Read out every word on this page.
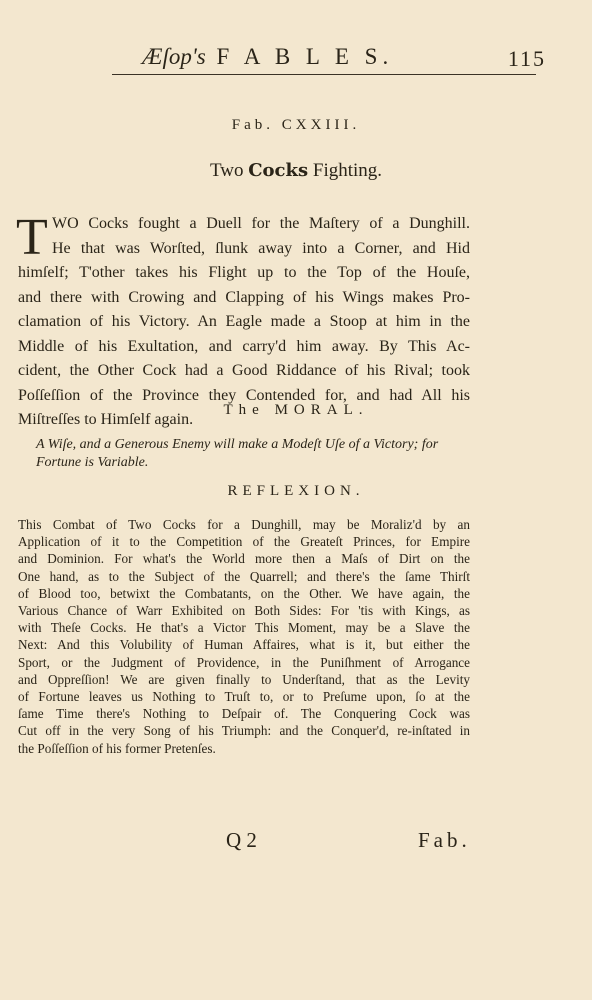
Æſop's F A B L E S.	115
Fab. CXXIII.
Two Cocks Fighting.
T WO Cocks fought a Duell for the Maſtery of a Dunghill.
He that was Worſted, ſlunk away into a Corner, and Hid
himſelf; T'other takes his Flight up to the Top of the Houſe,
and there with Crowing and Clapping of his Wings makes Pro-
clamation of his Victory. An Eagle made a Stoop at him in the
Middle of his Exultation, and carry'd him away. By This Ac-
cident, the Other Cock had a Good Riddance of his Rival; took
Poſſeſſion of the Province they Contended for, and had All his
Miſtreſſes to Himſelf again.
The MORAL.
A Wiſe, and a Generous Enemy will make a Modeſt Uſe of a Victory; for Fortune is Variable.
REFLEXION.
This Combat of Two Cocks for a Dunghill, may be Moraliz'd by an
Application of it to the Competition of the Greateſt Princes, for Empire
and Dominion. For what's the World more then a Maſs of Dirt on the
One hand, as to the Subject of the Quarrell; and there's the ſame Thirſt
of Blood too, betwixt the Combatants, on the Other. We have again, the
Various Chance of Warr Exhibited on Both Sides: For 'tis with Kings, as
with Theſe Cocks. He that's a Victor This Moment, may be a Slave the
Next: And this Volubility of Human Affaires, what is it, but either the
Sport, or the Judgment of Providence, in the Puniſhment of Arrogance
and Oppreſſion! We are given finally to Underſtand, that as the Levity
of Fortune leaves us Nothing to Truſt to, or to Preſume upon, ſo at the
ſame Time there's Nothing to Deſpair of. The Conquering Cock was
Cut off in the very Song of his Triumph: and the Conquer'd, re-inſtated in
the Poſſeſſion of his former Pretenſes.
Q 2	Fab.
